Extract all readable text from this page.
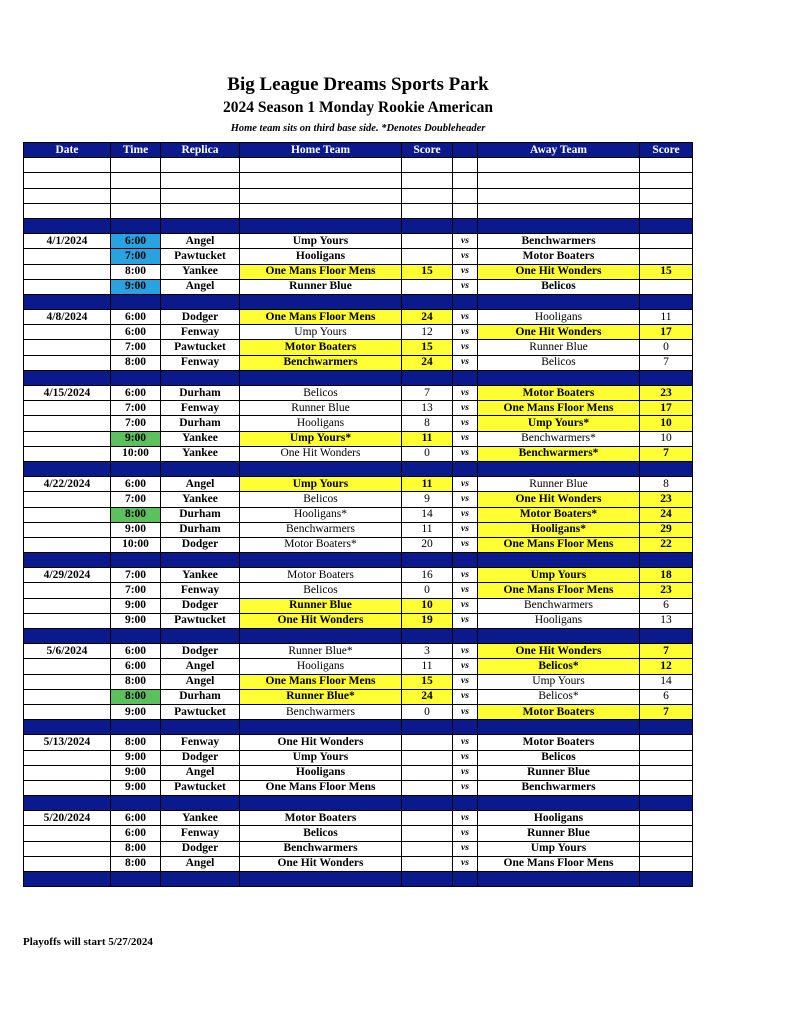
Big League Dreams Sports Park
2024 Season 1 Monday Rookie American
Home team sits on third base side. *Denotes Doubleheader
Date	Time	Replica	Home Team	Score		Away Team	Score

4/1/2024	6:00	Angel	Ump Yours		vs	Benchwarmers	
	7:00	Pawtucket	Hooligans		vs	Motor Boaters	
	8:00	Yankee	One Mans Floor Mens	15	vs	One Hit Wonders	15
	9:00	Angel	Runner Blue		vs	Belicos	

4/8/2024	6:00	Dodger	One Mans Floor Mens	24	vs	Hooligans	11
	6:00	Fenway	Ump Yours	12	vs	One Hit Wonders	17
	7:00	Pawtucket	Motor Boaters	15	vs	Runner Blue	0
	8:00	Fenway	Benchwarmers	24	vs	Belicos	7

4/15/2024	6:00	Durham	Belicos	7	vs	Motor Boaters	23
	7:00	Fenway	Runner Blue	13	vs	One Mans Floor Mens	17
	7:00	Durham	Hooligans	8	vs	Ump Yours*	10
	9:00	Yankee	Ump Yours*	11	vs	Benchwarmers*	10
	10:00	Yankee	One Hit Wonders	0	vs	Benchwarmers*	7

4/22/2024	6:00	Angel	Ump Yours	11	vs	Runner Blue	8
	7:00	Yankee	Belicos	9	vs	One Hit Wonders	23
	8:00	Durham	Hooligans*	14	vs	Motor Boaters*	24
	9:00	Durham	Benchwarmers	11	vs	Hooligans*	29
	10:00	Dodger	Motor Boaters*	20	vs	One Mans Floor Mens	22

4/29/2024	7:00	Yankee	Motor Boaters	16	vs	Ump Yours	18
	7:00	Fenway	Belicos	0	vs	One Mans Floor Mens	23
	9:00	Dodger	Runner Blue	10	vs	Benchwarmers	6
	9:00	Pawtucket	One Hit Wonders	19	vs	Hooligans	13

5/6/2024	6:00	Dodger	Runner Blue*	3	vs	One Hit Wonders	7
	6:00	Angel	Hooligans	11	vs	Belicos*	12
	8:00	Angel	One Mans Floor Mens	15	vs	Ump Yours	14
	8:00	Durham	Runner Blue*	24	vs	Belicos*	6
	9:00	Pawtucket	Benchwarmers	0	vs	Motor Boaters	7

5/13/2024	8:00	Fenway	One Hit Wonders		vs	Motor Boaters	
	9:00	Dodger	Ump Yours		vs	Belicos	
	9:00	Angel	Hooligans		vs	Runner Blue	
	9:00	Pawtucket	One Mans Floor Mens		vs	Benchwarmers	

5/20/2024	6:00	Yankee	Motor Boaters		vs	Hooligans	
	6:00	Fenway	Belicos		vs	Runner Blue	
	8:00	Dodger	Benchwarmers		vs	Ump Yours	
	8:00	Angel	One Hit Wonders		vs	One Mans Floor Mens	

Playoffs will start 5/27/2024
